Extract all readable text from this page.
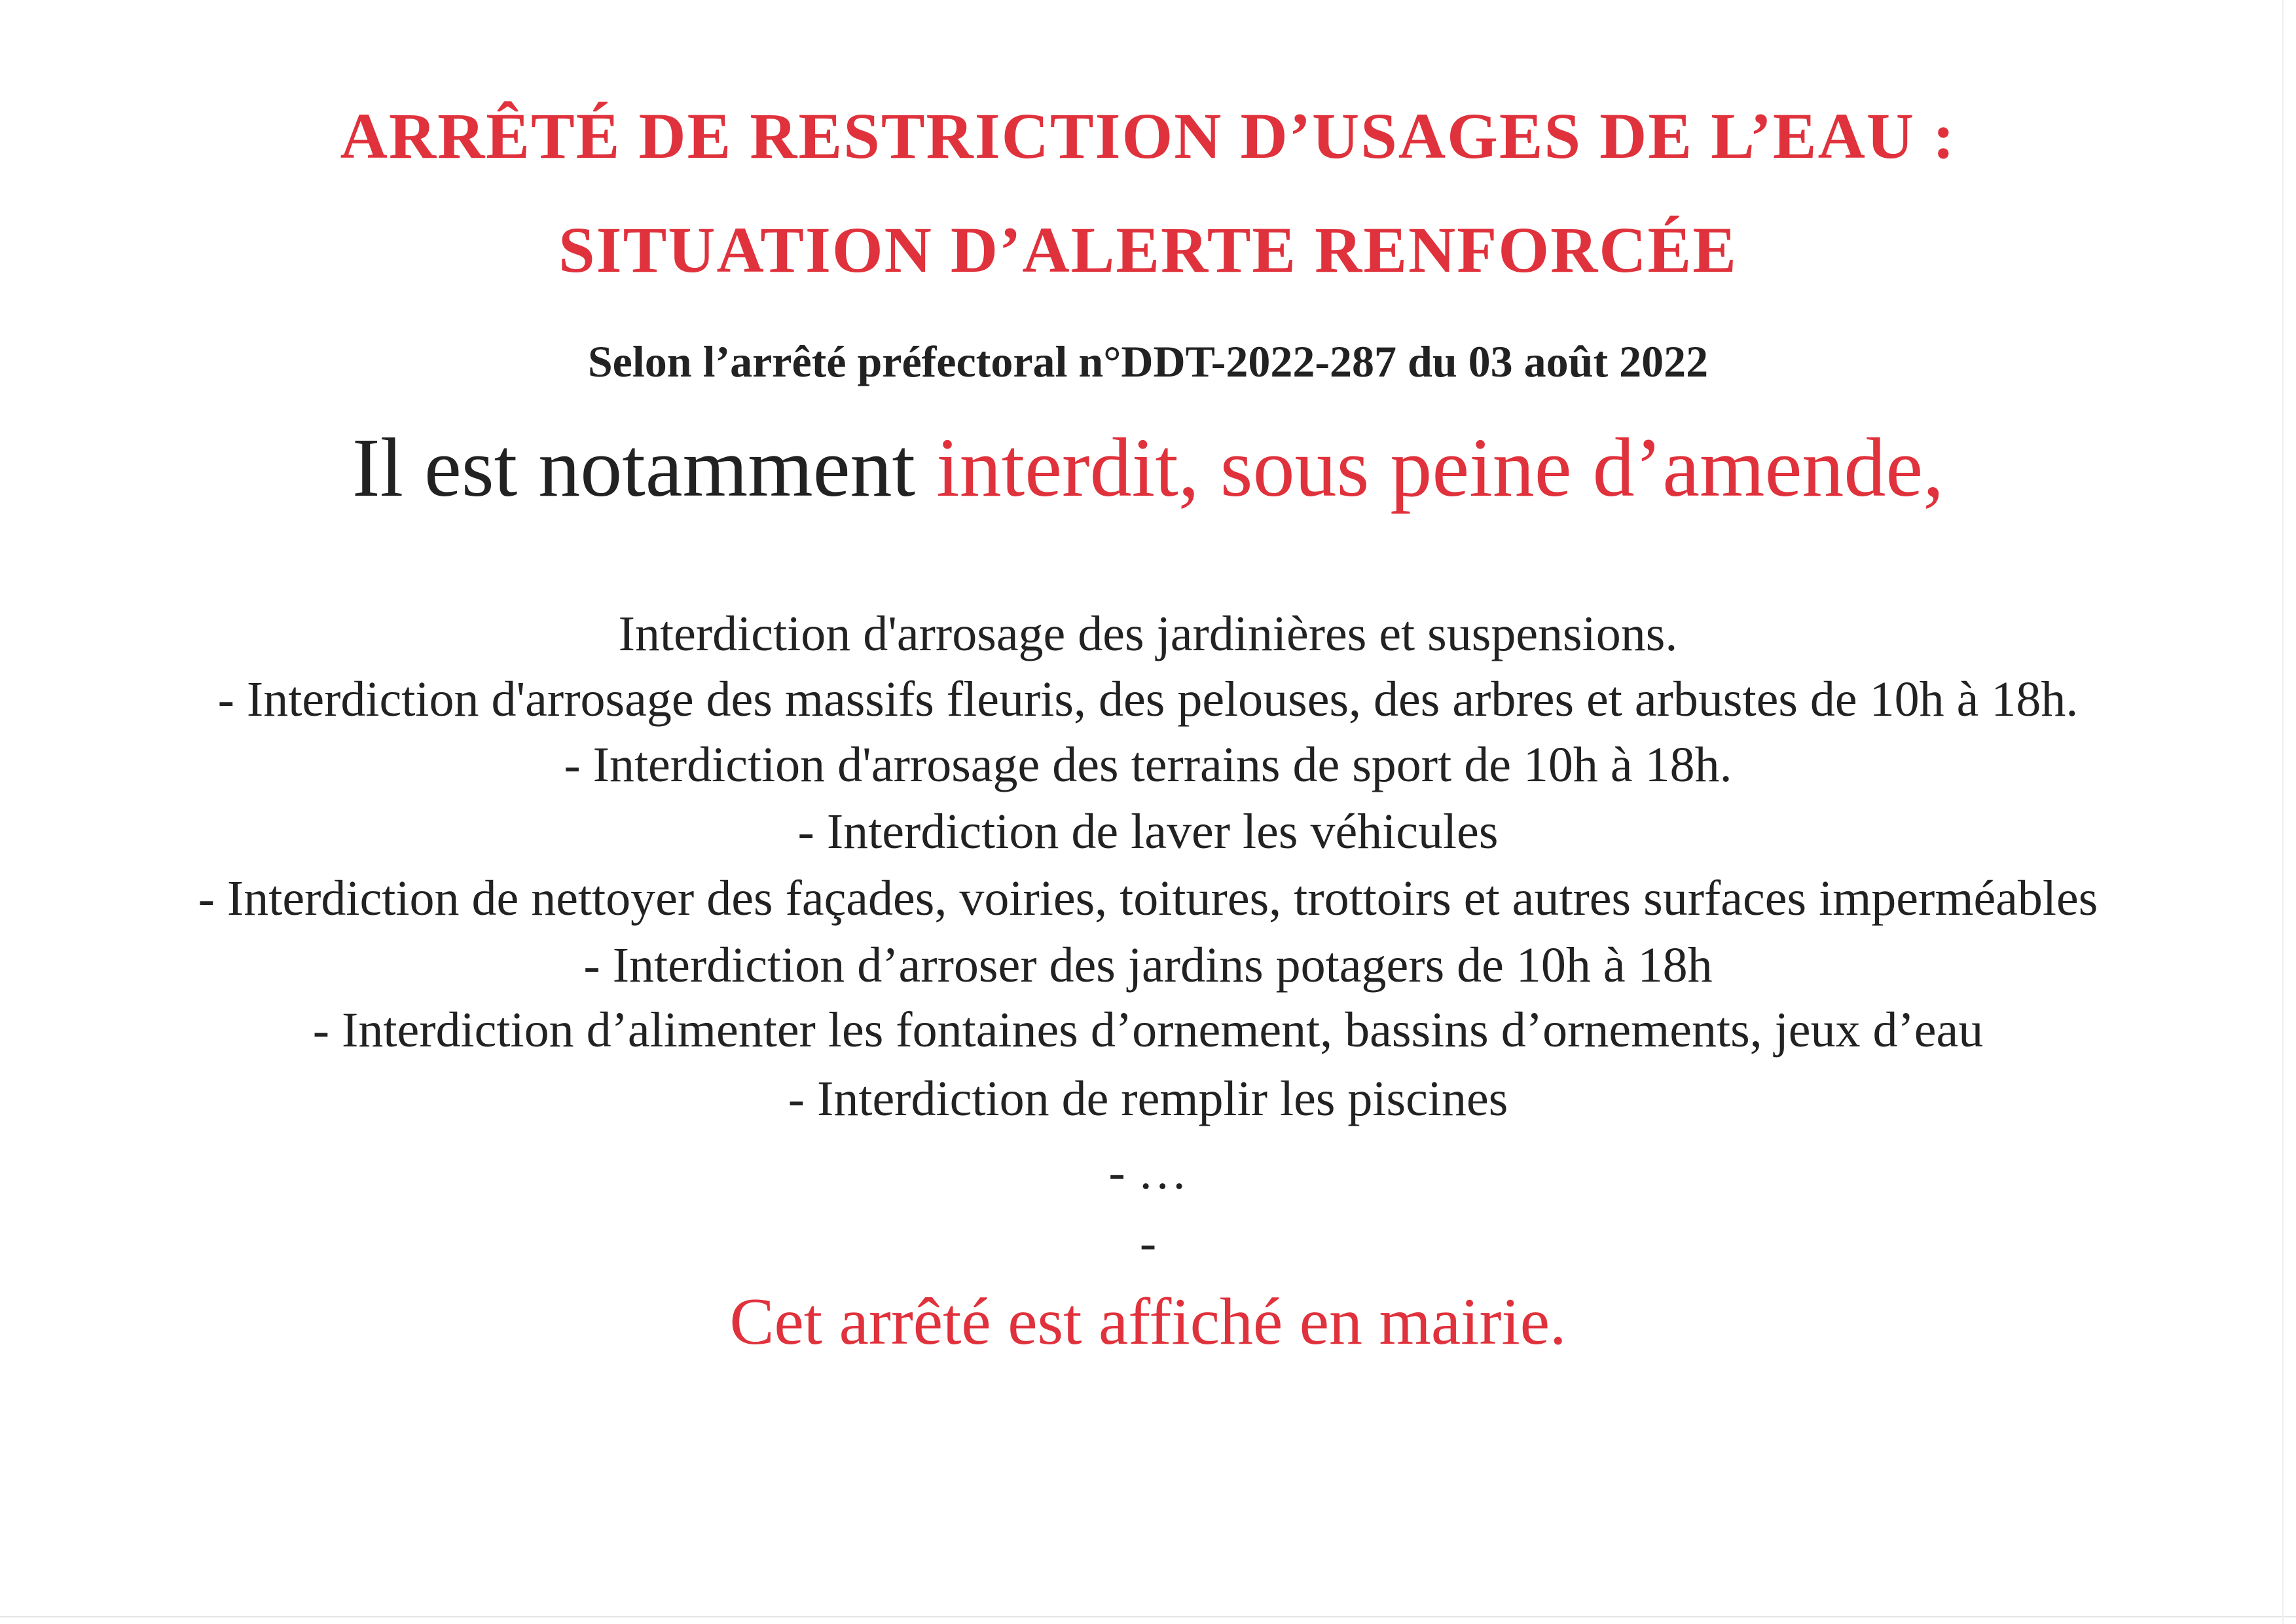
ARRÊTÉ DE RESTRICTION D’USAGES DE L’EAU :
SITUATION D’ALERTE RENFORCÉE
Selon l’arrêté préfectoral n°DDT-2022-287 du 03 août 2022
Il est notamment interdit, sous peine d’amende,
Interdiction d'arrosage des jardinières et suspensions.
- Interdiction d'arrosage des massifs fleuris, des pelouses, des arbres et arbustes de 10h à 18h.
- Interdiction d'arrosage des terrains de sport de 10h à 18h.
- Interdiction de laver les véhicules
- Interdiction de nettoyer des façades, voiries, toitures, trottoirs et autres surfaces imperméables
- Interdiction d’arroser des jardins potagers de 10h à 18h
- Interdiction d’alimenter les fontaines d’ornement, bassins d’ornements, jeux d’eau
- Interdiction de remplir les piscines
- …
-
Cet arrêté est affiché en mairie.
